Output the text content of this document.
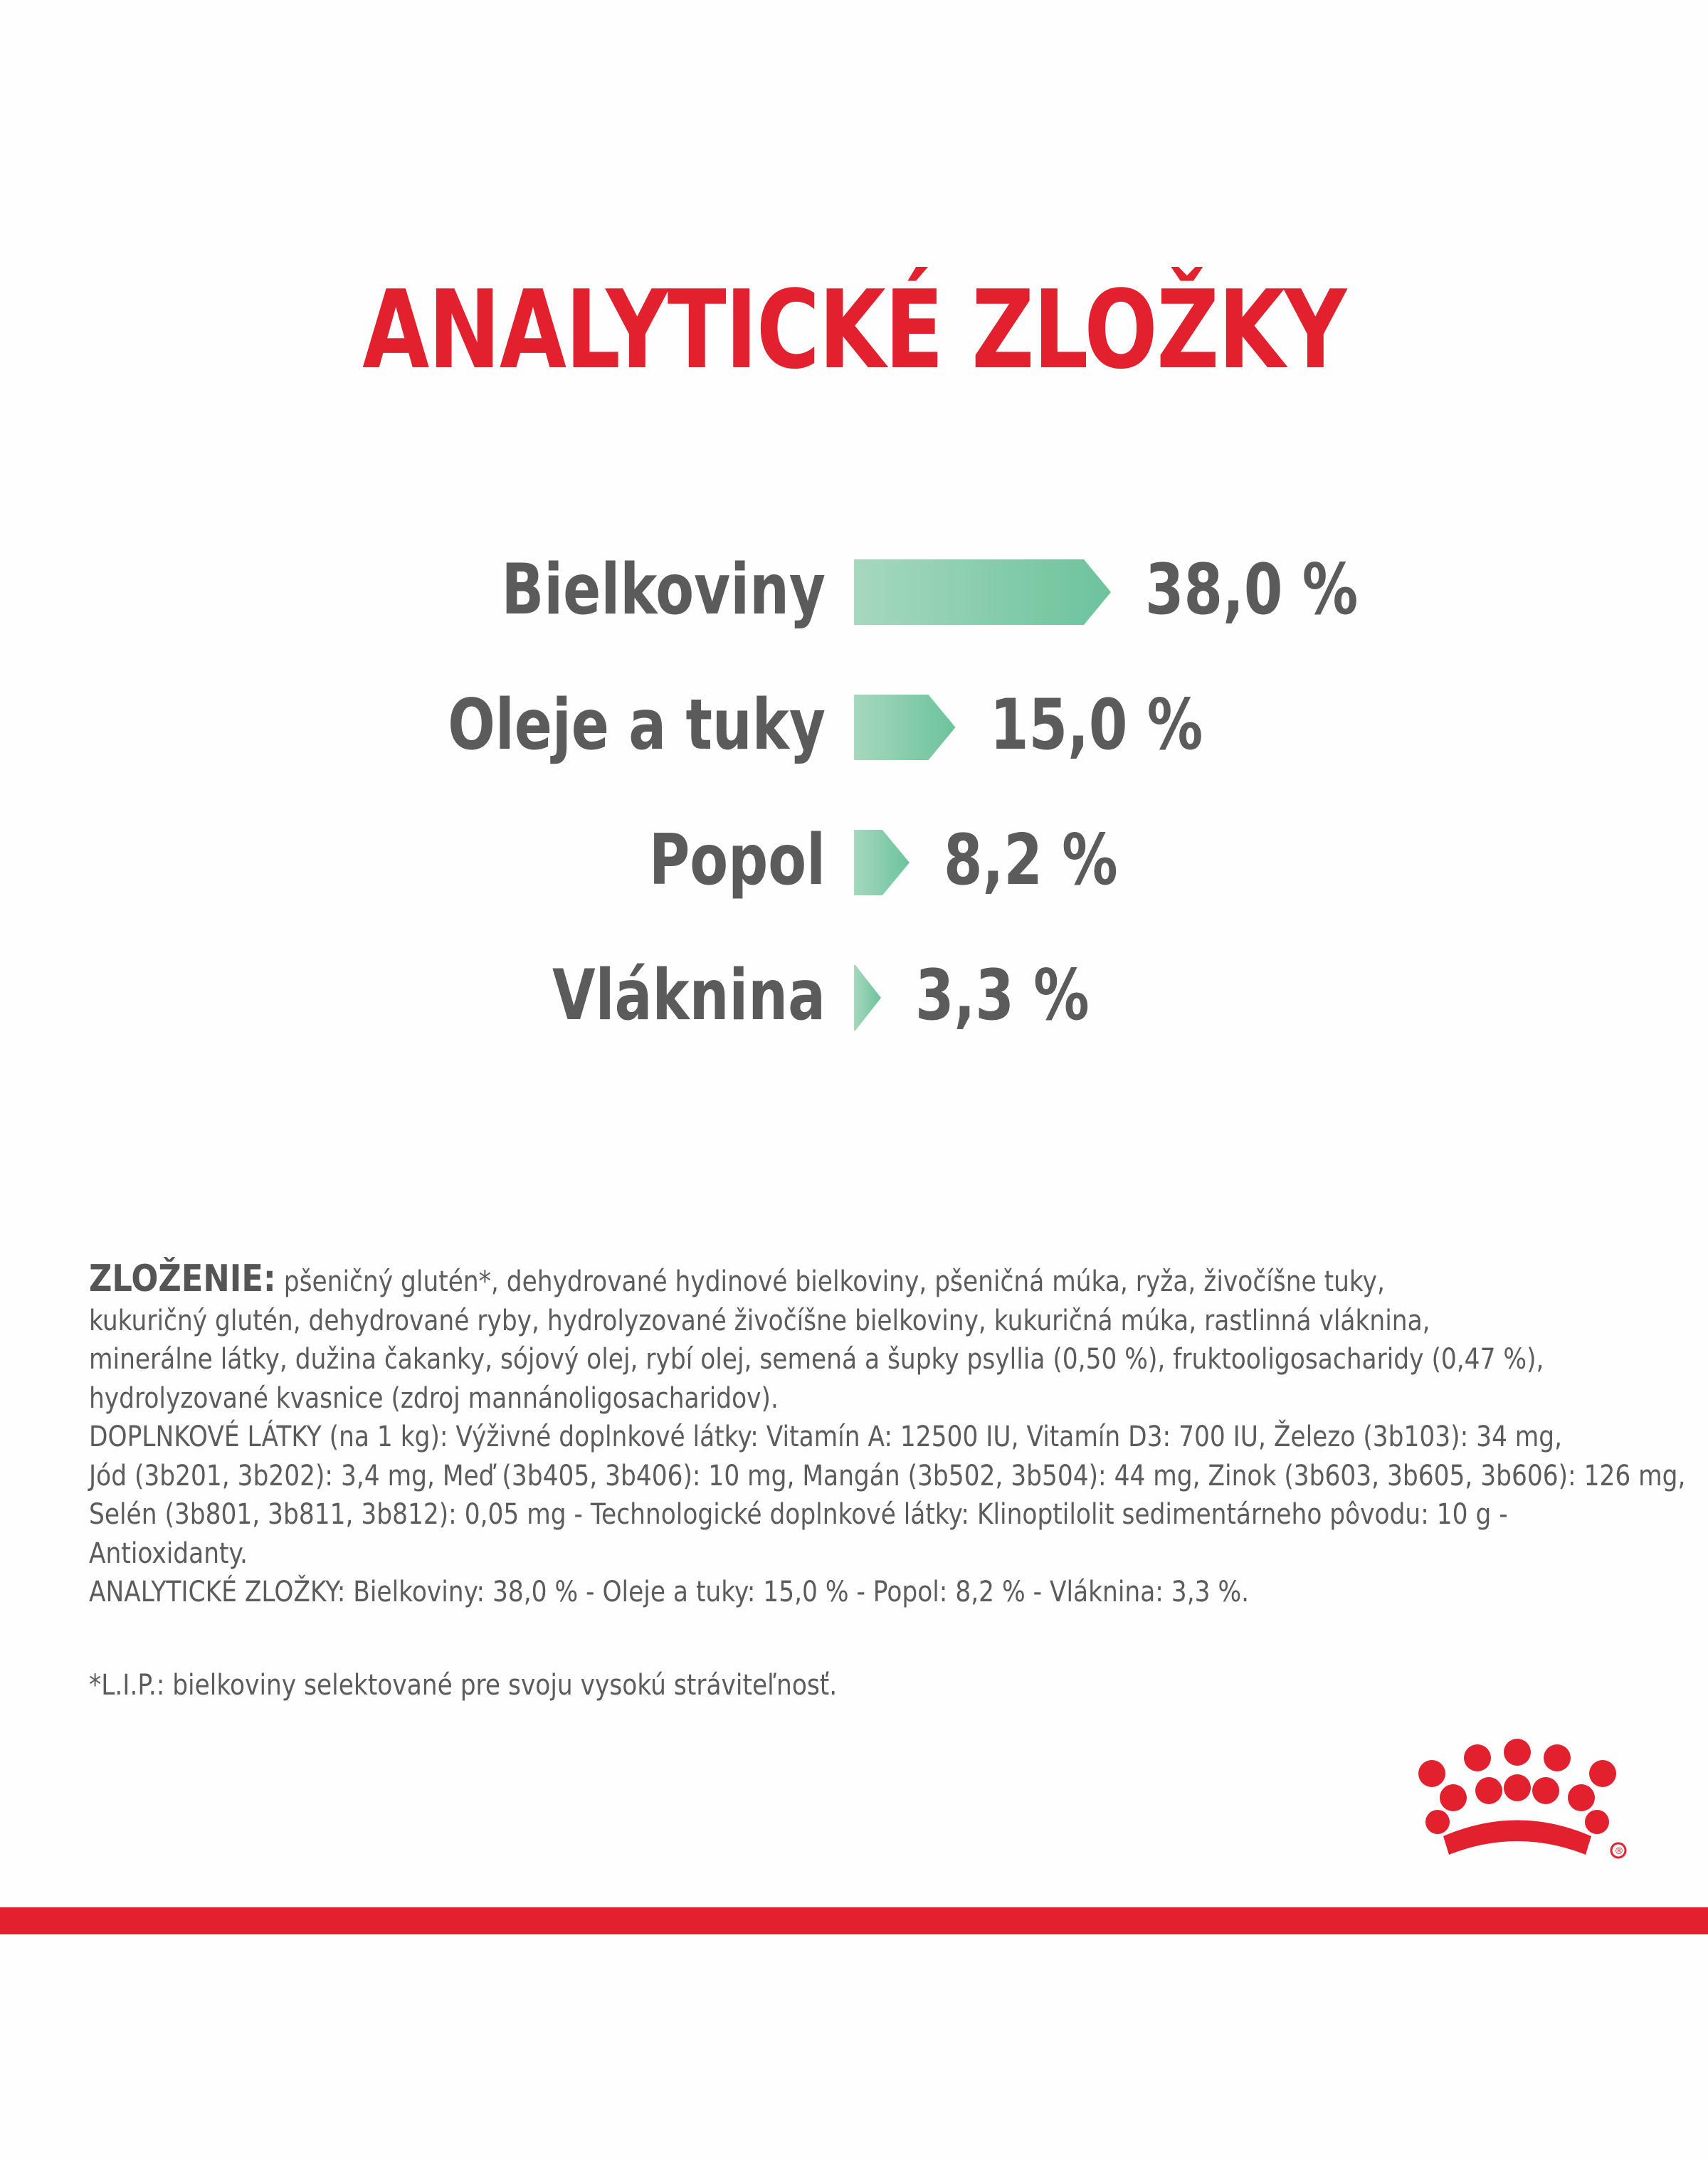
ANALYTICKÉ ZLOŽKY
Bielkoviny	38,0 %
Oleje a tuky 15,0 %
Popol 8,2 %
Vláknina 3,3 %
ZLOŽENIE: pšeničný glutén*, dehydrované hydinové bielkoviny, pšeničná múka, ryža, živočíšne tuky,
kukuričný glutén, dehydrované ryby, hydrolyzované živočíšne bielkoviny, kukuričná múka, rastlinná vláknina,
minerálne látky, dužina čakanky, sójový olej, rybí olej, semená a šupky psyllia (0,50 %), fruktooligosacharidy (0,47 %),
hydrolyzované kvasnice (zdroj mannánoligosacharidov).
DOPLNKOVÉ LÁTKY (na 1 kg): Výživné doplnkové látky: Vitamín A: 12500 IU, Vitamín D3: 700 IU, Železo (3b103): 34 mg,
Jód (3b201, 3b202): 3,4 mg, Meď (3b405, 3b406): 10 mg, Mangán (3b502, 3b504): 44 mg, Zinok (3b603, 3b605, 3b606): 126 mg,
Selén (3b801, 3b811, 3b812): 0,05 mg - Technologické doplnkové látky: Klinoptilolit sedimentárneho pôvodu: 10 g -
Antioxidanty.
ANALYTICKÉ ZLOŽKY: Bielkoviny: 38,0 % - Oleje a tuky: 15,0 % - Popol: 8,2 % - Vláknina: 3,3 %.
*L.I.P.: bielkoviny selektované pre svoju vysokú stráviteľnosť.
®
